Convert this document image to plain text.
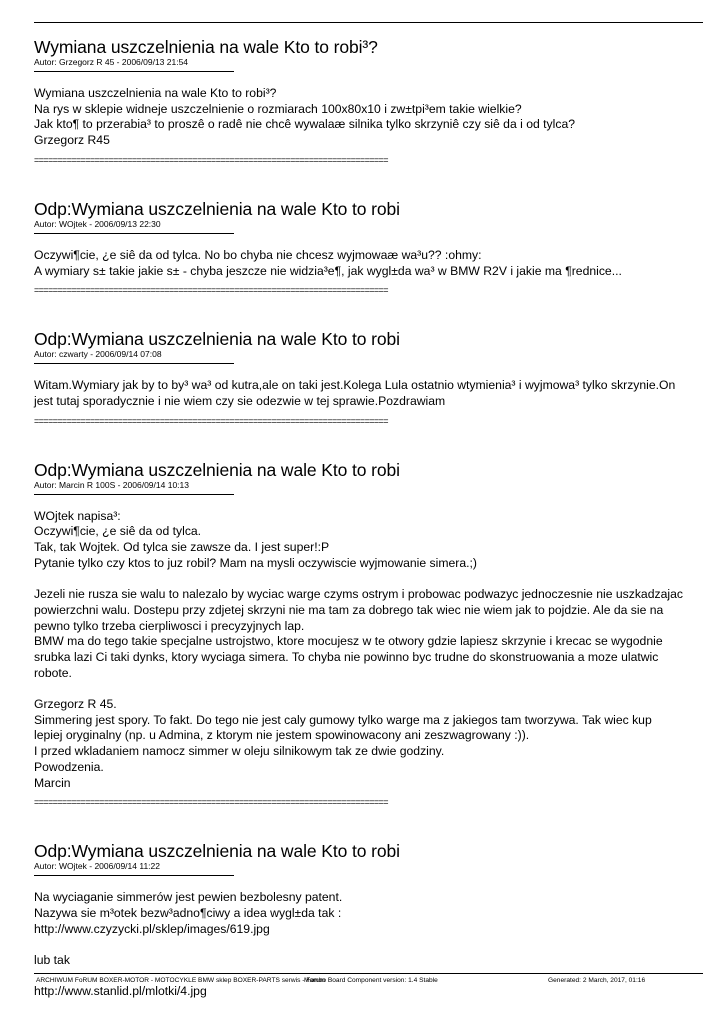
Wymiana uszczelnienia na wale Kto to robi³?
Autor: Grzegorz R 45 - 2006/09/13 21:54

Wymiana uszczelnienia na wale Kto to robi³?

Na rys w sklepie widneje uszczelnienie o rozmiarach 100x80x10 i zw±tpi³em takie wielkie?

Jak kto¶ to przerabia³ to proszê o radê nie chcê wywalaæ silnika tylko skrzyniê czy siê da i od tylca?

Grzegorz R45

============================================================================
Odp:Wymiana uszczelnienia na wale Kto to robi
Autor: WOjtek - 2006/09/13 22:30

Oczywi¶cie, ¿e siê da od tylca. No bo chyba nie chcesz wyjmowaæ wa³u?? :ohmy:

A wymiary s± takie jakie s± - chyba jeszcze nie widzia³e¶, jak wygl±da wa³ w BMW R2V i jakie ma ¶rednice...

============================================================================
Odp:Wymiana uszczelnienia na wale Kto to robi
Autor: czwarty - 2006/09/14 07:08

Witam.Wymiary jak by to by³ wa³ od kutra,ale on taki jest.Kolega Lula ostatnio wtymienia³ i wyjmowa³ tylko skrzynie.On

jest tutaj sporadycznie i nie wiem czy sie odezwie w tej sprawie.Pozdrawiam

============================================================================
Odp:Wymiana uszczelnienia na wale Kto to robi
Autor: Marcin R 100S - 2006/09/14 10:13

WOjtek napisa³:

Oczywi¶cie, ¿e siê da od tylca.

Tak, tak Wojtek. Od tylca sie zawsze da. I jest super!:P

Pytanie tylko czy ktos to juz robil? Mam na mysli oczywiscie wyjmowanie simera.;)

Jezeli nie rusza sie walu to nalezalo by wyciac warge czyms ostrym i probowac podwazyc jednoczesnie nie uszkadzajac

powierzchni walu. Dostepu przy zdjetej skrzyni nie ma tam za dobrego tak wiec nie wiem jak to pojdzie. Ale da sie na

pewno tylko trzeba cierpliwosci i precyzyjnych lap.

BMW ma do tego takie specjalne ustrojstwo, ktore mocujesz w te otwory gdzie lapiesz skrzynie i krecac se wygodnie

srubka lazi Ci taki dynks, ktory wyciaga simera. To chyba nie powinno byc trudne do skonstruowania a moze ulatwic

robote.

Grzegorz R 45.

Simmering jest spory. To fakt. Do tego nie jest caly gumowy tylko warge ma z jakiegos tam tworzywa. Tak wiec kup

lepiej oryginalny (np. u Admina, z ktorym nie jestem spowinowacony ani zeszwagrowany :)).

I przed wkladaniem namocz simmer w oleju silnikowym tak ze dwie godziny.

Powodzenia.

Marcin

============================================================================
Odp:Wymiana uszczelnienia na wale Kto to robi
Autor: WOjtek - 2006/09/14 11:22

Na wyciaganie simmerów jest pewien bezbolesny patent.

Nazywa sie m³otek bezw³adno¶ciwy a idea wygl±da tak :

http://www.czyzycki.pl/sklep/images/619.jpg

lub tak

http://www.stanlid.pl/mlotki/4.jpg

ARCHIWUM FoRUM BOXER-MOTOR - MOTOCYKLE BMW sklep BOXER-PARTS serwis - Forum
Mambo Board Component version: 1.4 Stable	Generated: 2 March, 2017, 01:16
